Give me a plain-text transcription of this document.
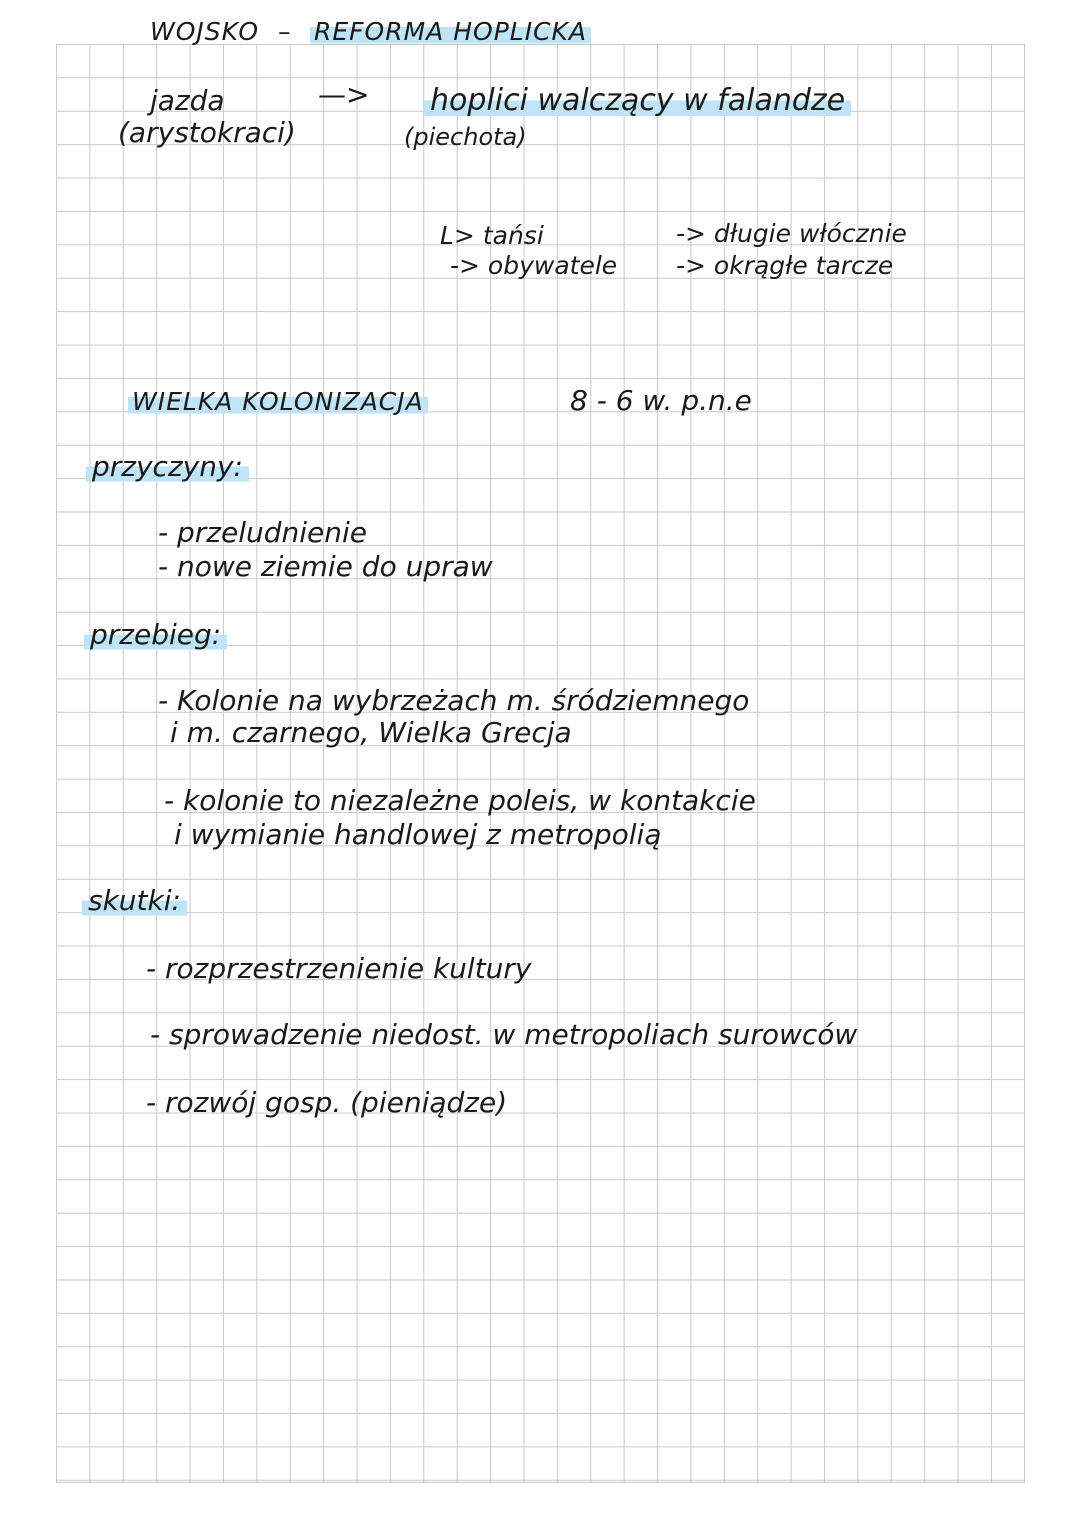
WOJSKO – REFORMA HOPLICKA
jazda
(arystokraci)
—> hoplici walczący w falandze
(piechota)
L> tańsi
-> obywatele
-> długie włócznie
-> okrągłe tarcze
WIELKA KOLONIZACJA	8 - 6 w. p.n.e
przyczyny:
- przeludnienie
- nowe ziemie do upraw
przebieg:
- Kolonie na wybrzeżach m. śródziemnego
i m. czarnego, Wielka Grecja
- kolonie to niezależne poleis, w kontakcie
i wymianie handlowej z metropolią
skutki:
- rozprzestrzenienie kultury
- sprowadzenie niedost. w metropoliach surowców
- rozwój gosp. (pieniądze)
